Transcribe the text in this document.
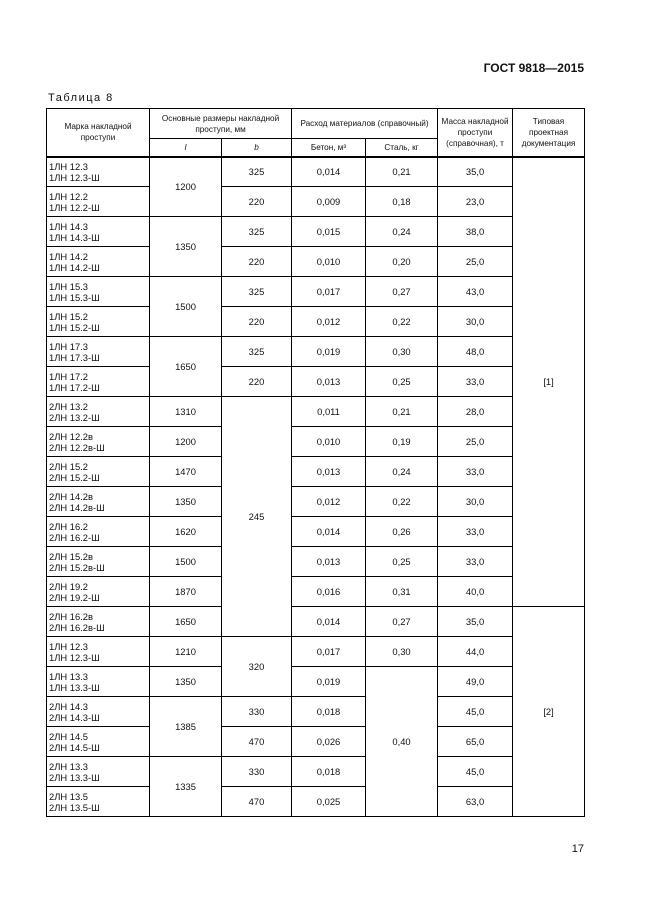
ГОСТ 9818—2015
Таблица 8
Марка накладной проступи	Основные размеры накладной проступи, мм		Расход материалов (справочный)		Масса накладной проступи (справочная), т	Типовая проектная документация
	l	b	Бетон, м³	Сталь, кг		
1ЛН 12.3
1ЛН 12.3-Ш	1200	325	0,014	0,21	35,0	[1]
1ЛН 12.2
1ЛН 12.2-Ш		220	0,009	0,18	23,0	
1ЛН 14.3
1ЛН 14.3-Ш	1350	325	0,015	0,24	38,0	
1ЛН 14.2
1ЛН 14.2-Ш		220	0,010	0,20	25,0	
1ЛН 15.3
1ЛН 15.3-Ш	1500	325	0,017	0,27	43,0	
1ЛН 15.2
1ЛН 15.2-Ш		220	0,012	0,22	30,0	
1ЛН 17.3
1ЛН 17.3-Ш	1650	325	0,019	0,30	48,0	
1ЛН 17.2
1ЛН 17.2-Ш		220	0,013	0,25	33,0	
2ЛН 13.2
2ЛН 13.2-Ш	1310	245	0,011	0,21	28,0	
2ЛН 12.2в
2ЛН 12.2в-Ш	1200		0,010	0,19	25,0	
2ЛН 15.2
2ЛН 15.2-Ш	1470		0,013	0,24	33,0	
2ЛН 14.2в
2ЛН 14.2в-Ш	1350		0,012	0,22	30,0	
2ЛН 16.2
2ЛН 16.2-Ш	1620		0,014	0,26	33,0	
2ЛН 15.2в
2ЛН 15.2в-Ш	1500		0,013	0,25	33,0	
2ЛН 19.2
2ЛН 19.2-Ш	1870		0,016	0,31	40,0	
2ЛН 16.2в
2ЛН 16.2в-Ш	1650		0,014	0,27	35,0	[2]
1ЛН 12.3
1ЛН 12.3-Ш	1210	320	0,017	0,30	44,0	
1ЛН 13.3
1ЛН 13.3-Ш	1350		0,019	0,40	49,0	
2ЛН 14.3
2ЛН 14.3-Ш	1385	330	0,018		45,0	
2ЛН 14.5
2ЛН 14.5-Ш		470	0,026		65,0	
2ЛН 13.3
2ЛН 13.3-Ш	1335	330	0,018		45,0	
2ЛН 13.5
2ЛН 13.5-Ш		470	0,025		63,0	
17
